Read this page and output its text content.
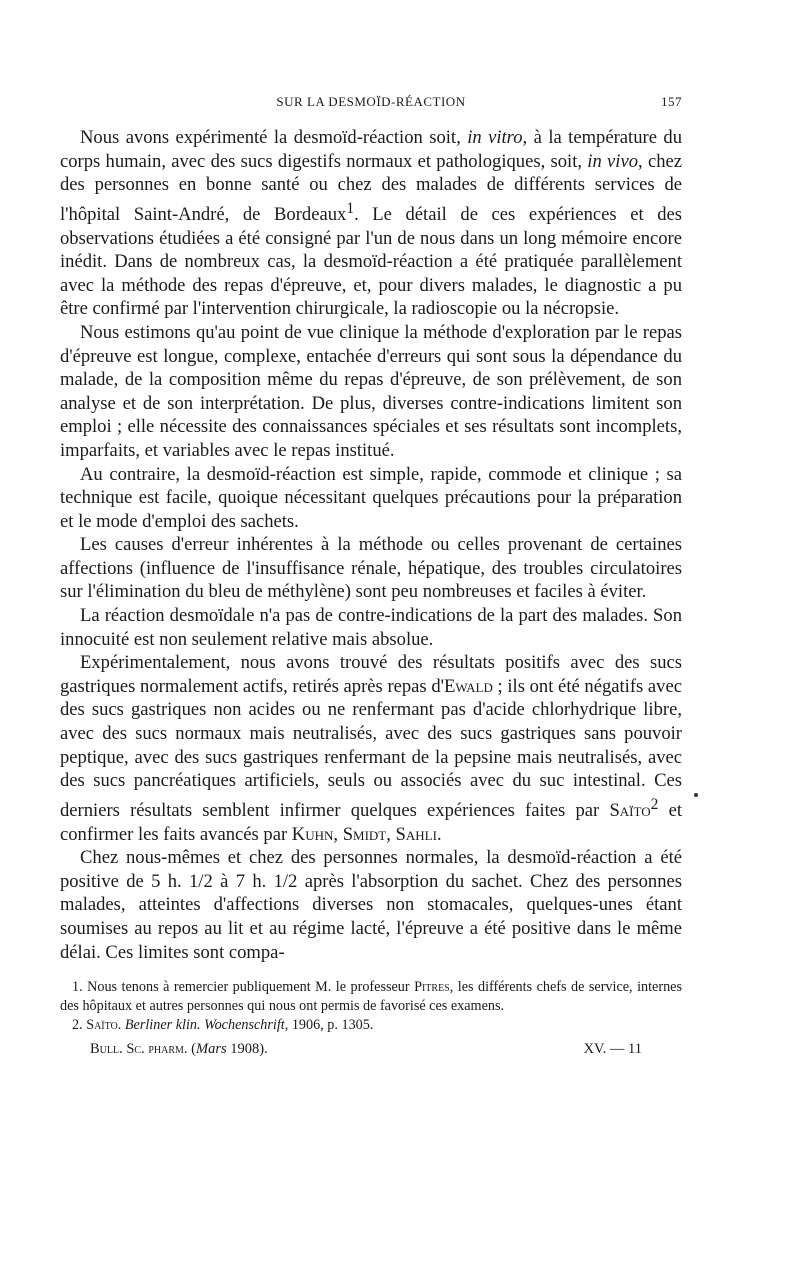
SUR LA DESMOÏD-RÉACTION	157

Nous avons expérimenté la desmoïd-réaction soit, in vitro, à la température du corps humain, avec des sucs digestifs normaux et pathologiques, soit, in vivo, chez des personnes en bonne santé ou chez des malades de différents services de l'hôpital Saint-André, de Bordeaux$^1$. Le détail de ces expériences et des observations étudiées a été consigné par l'un de nous dans un long mémoire encore inédit. Dans de nombreux cas, la desmoïd-réaction a été pratiquée parallèlement avec la méthode des repas d'épreuve, et, pour divers malades, le diagnostic a pu être confirmé par l'intervention chirurgicale, la radioscopie ou la nécropsie.

Nous estimons qu'au point de vue clinique la méthode d'exploration par le repas d'épreuve est longue, complexe, entachée d'erreurs qui sont sous la dépendance du malade, de la composition même du repas d'épreuve, de son prélèvement, de son analyse et de son interprétation. De plus, diverses contre-indications limitent son emploi ; elle nécessite des connaissances spéciales et ses résultats sont incomplets, imparfaits, et variables avec le repas institué.

Au contraire, la desmoïd-réaction est simple, rapide, commode et clinique ; sa technique est facile, quoique nécessitant quelques précautions pour la préparation et le mode d'emploi des sachets.

Les causes d'erreur inhérentes à la méthode ou celles provenant de certaines affections (influence de l'insuffisance rénale, hépatique, des troubles circulatoires sur l'élimination du bleu de méthylène) sont peu nombreuses et faciles à éviter.

La réaction desmoïdale n'a pas de contre-indications de la part des malades. Son innocuité est non seulement relative mais absolue.

Expérimentalement, nous avons trouvé des résultats positifs avec des sucs gastriques normalement actifs, retirés après repas d'Ewald ; ils ont été négatifs avec des sucs gastriques non acides ou ne renfermant pas d'acide chlorhydrique libre, avec des sucs normaux mais neutralisés, avec des sucs gastriques sans pouvoir peptique, avec des sucs gastriques renfermant de la pepsine mais neutralisés, avec des sucs pancréatiques artificiels, seuls ou associés avec du suc intestinal. Ces derniers résultats semblent infirmer quelques expériences faites par Saïto$^2$ et confirmer les faits avancés par Kuhn, Smidt, Sahli.

Chez nous-mêmes et chez des personnes normales, la desmoïd-réaction a été positive de 5 h. 1/2 à 7 h. 1/2 après l'absorption du sachet. Chez des personnes malades, atteintes d'affections diverses non stomacales, quelques-unes étant soumises au repos au lit et au régime lacté, l'épreuve a été positive dans le même délai. Ces limites sont compa-

1. Nous tenons à remercier publiquement M. le professeur Pitres, les différents chefs de service, internes des hôpitaux et autres personnes qui nous ont permis de favorisé ces examens.

2. Saïto. Berliner klin. Wochenschrift, 1906, p. 1305.

Bull. Sc. pharm. (Mars 1908).	XV. — 11
